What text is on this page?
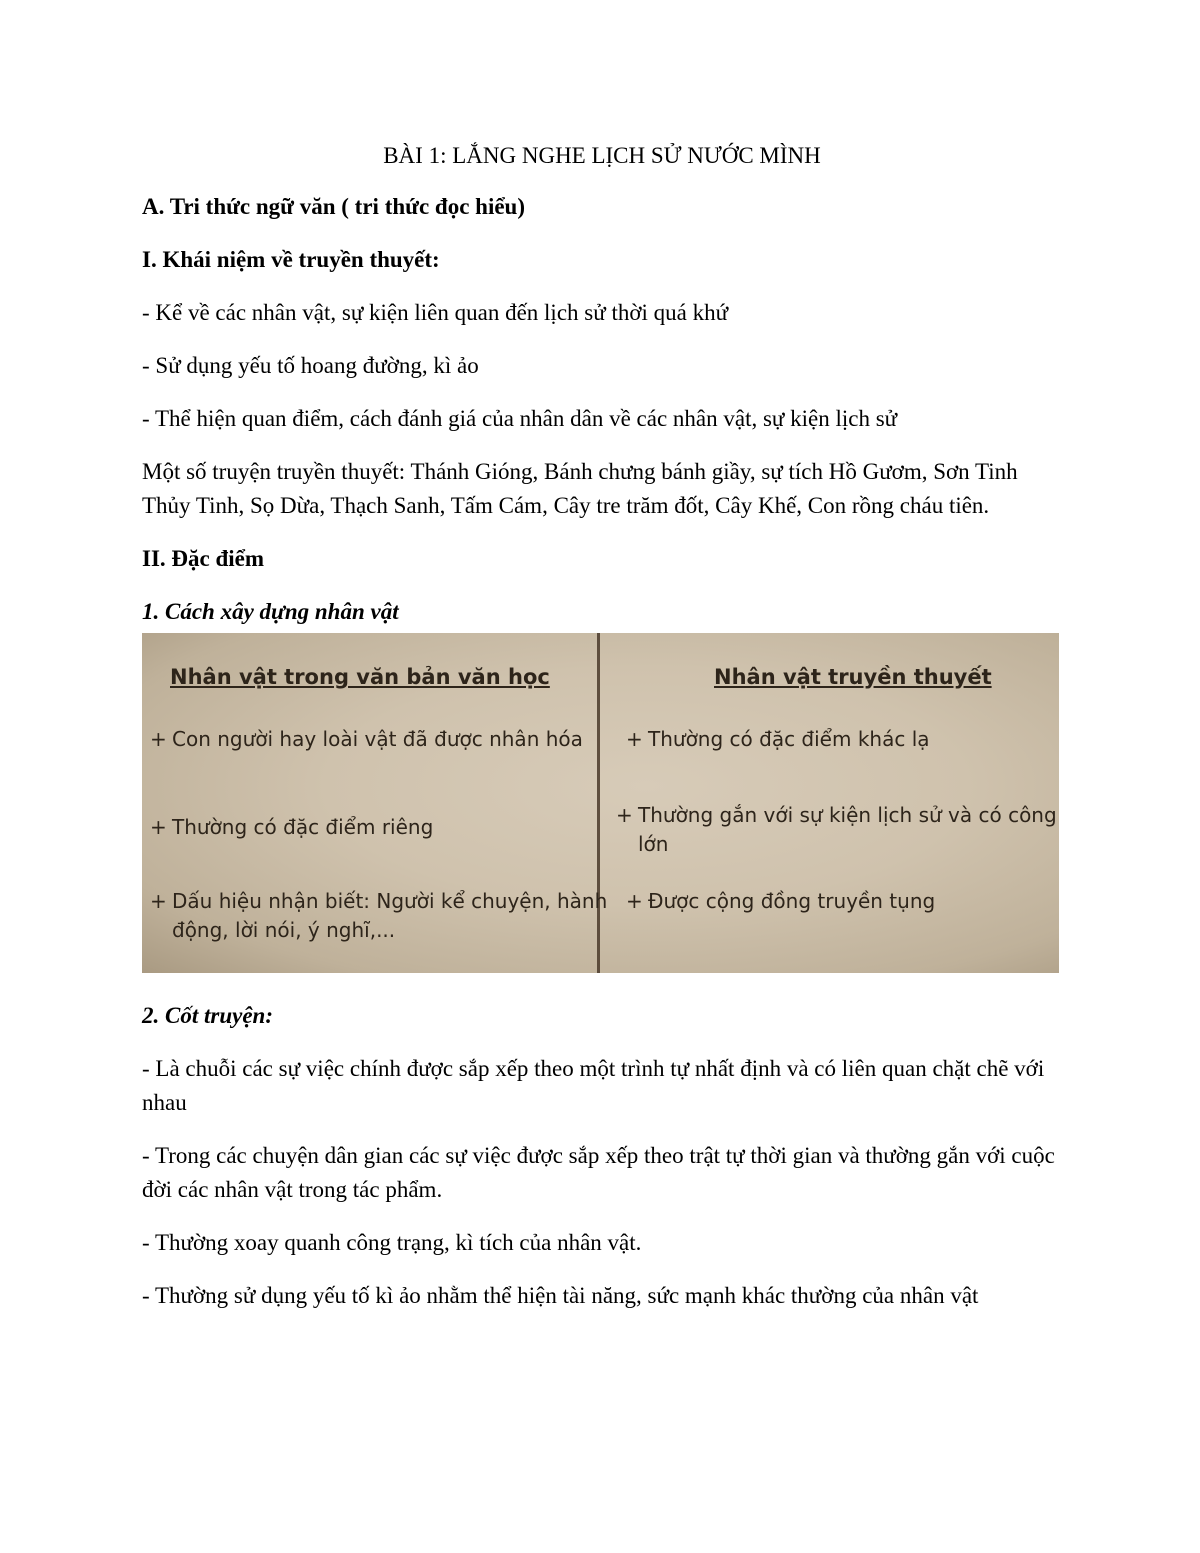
BÀI 1: LẮNG NGHE LỊCH SỬ NƯỚC MÌNH

A. Tri thức ngữ văn ( tri thức đọc hiểu)

I. Khái niệm về truyền thuyết:

- Kể về các nhân vật, sự kiện liên quan đến lịch sử thời quá khứ

- Sử dụng yếu tố hoang đường, kì ảo

- Thể hiện quan điểm, cách đánh giá của nhân dân về các nhân vật, sự kiện lịch sử

Một số truyện truyền thuyết: Thánh Gióng, Bánh chưng bánh giầy, sự tích Hồ Gươm, Sơn Tinh Thủy Tinh, Sọ Dừa, Thạch Sanh, Tấm Cám, Cây tre trăm đốt, Cây Khế, Con rồng cháu tiên.

II. Đặc điểm

1. Cách xây dựng nhân vật

Nhân vật trong văn bản văn học
+ Con người hay loài vật đã được nhân hóa
+ Thường có đặc điểm riêng
+ Dấu hiệu nhận biết: Người kể chuyện, hành động, lời nói, ý nghĩ,...
Nhân vật truyền thuyết
+ Thường có đặc điểm khác lạ
+ Thường gắn với sự kiện lịch sử và có công lớn
+ Được cộng đồng truyền tụng

2. Cốt truyện:

- Là chuỗi các sự việc chính được sắp xếp theo một trình tự nhất định và có liên quan chặt chẽ với nhau

- Trong các chuyện dân gian các sự việc được sắp xếp theo trật tự thời gian và thường gắn với cuộc đời các nhân vật trong tác phẩm.

- Thường xoay quanh công trạng, kì tích của nhân vật.

- Thường sử dụng yếu tố kì ảo nhằm thể hiện tài năng, sức mạnh khác thường của nhân vật
